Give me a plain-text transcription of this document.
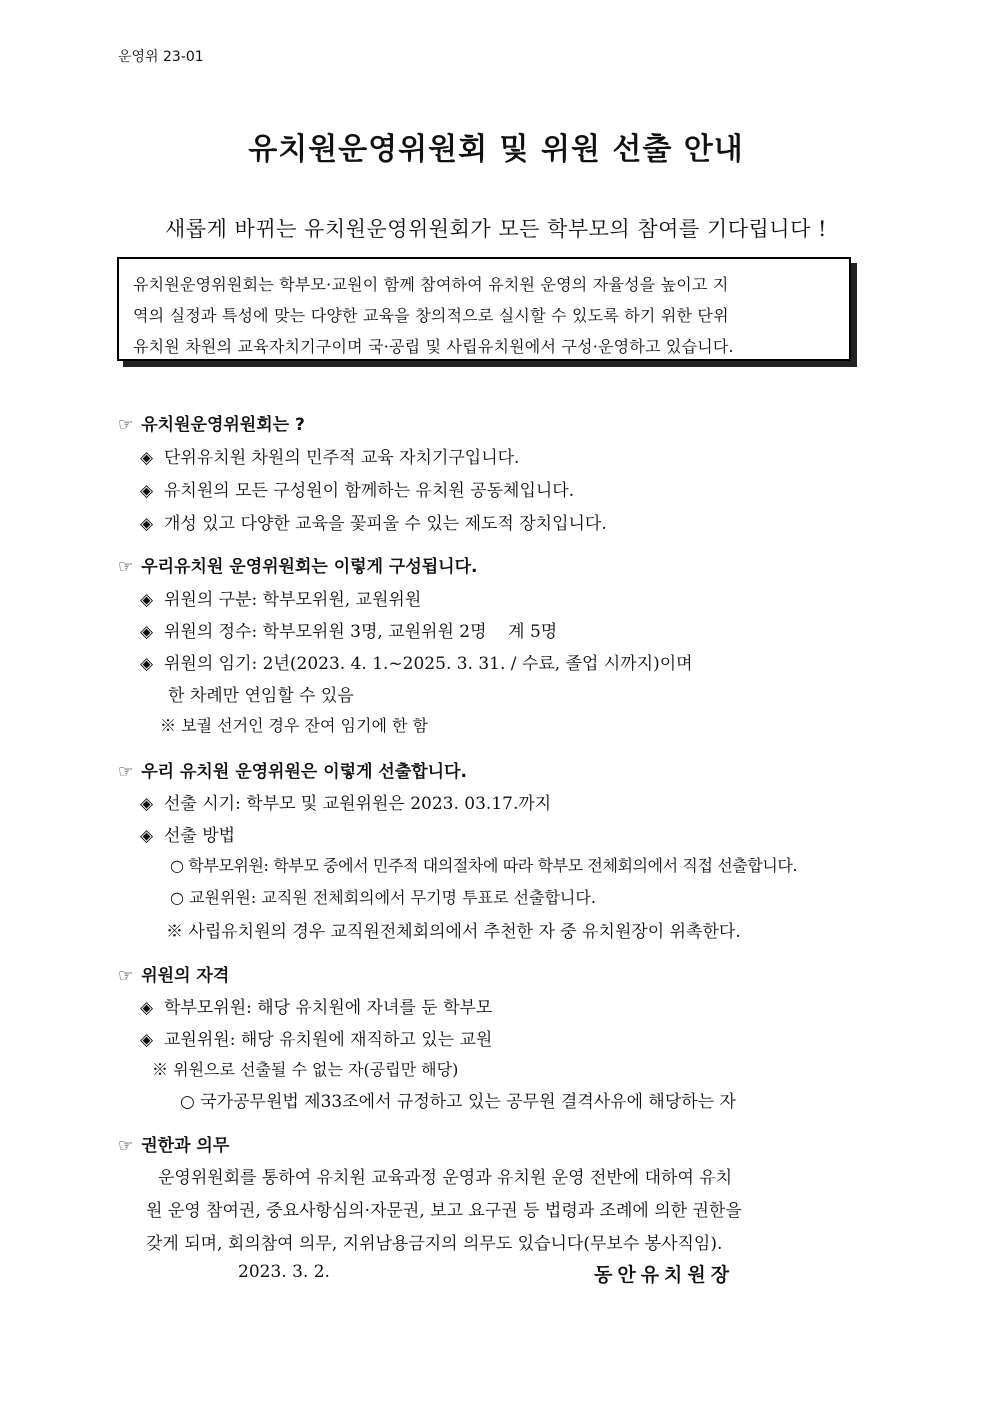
운영위 23-01
유치원운영위원회 및 위원 선출 안내
새롭게 바뀌는 유치원운영위원회가 모든 학부모의 참여를 기다립니다 !
유치원운영위원회는 학부모·교원이 함께 참여하여 유치원 운영의 자율성을 높이고 지
역의 실정과 특성에 맞는 다양한 교육을 창의적으로 실시할 수 있도록 하기 위한 단위
유치원 차원의 교육자치기구이며 국·공립 및 사립유치원에서 구성·운영하고 있습니다.
☞ 유치원운영위원회는 ?
◈ 단위유치원 차원의 민주적 교육 자치기구입니다.
◈ 유치원의 모든 구성원이 함께하는 유치원 공동체입니다.
◈ 개성 있고 다양한 교육을 꽃피울 수 있는 제도적 장치입니다.
☞ 우리유치원 운영위원회는 이렇게 구성됩니다.
◈ 위원의 구분: 학부모위원, 교원위원
◈ 위원의 정수: 학부모위원 3명, 교원위원 2명    계 5명
◈ 위원의 임기: 2년(2023. 4. 1.~2025. 3. 31. / 수료, 졸업 시까지)이며
한 차례만 연임할 수 있음
※ 보궐 선거인 경우 잔여 임기에 한 함
☞ 우리 유치원 운영위원은 이렇게 선출합니다.
◈ 선출 시기: 학부모 및 교원위원은 2023. 03.17.까지
◈ 선출 방법
○ 학부모위원: 학부모 중에서 민주적 대의절차에 따라 학부모 전체회의에서 직접 선출합니다.
○ 교원위원: 교직원 전체회의에서 무기명 투표로 선출합니다.
※ 사립유치원의 경우 교직원전체회의에서 추천한 자 중 유치원장이 위촉한다.
☞ 위원의 자격
◈ 학부모위원: 해당 유치원에 자녀를 둔 학부모
◈ 교원위원: 해당 유치원에 재직하고 있는 교원
※ 위원으로 선출될 수 없는 자(공립만 해당)
○ 국가공무원법 제33조에서 규정하고 있는 공무원 결격사유에 해당하는 자
☞ 권한과 의무
운영위원회를 통하여 유치원 교육과정 운영과 유치원 운영 전반에 대하여 유치
원 운영 참여권, 중요사항심의·자문권, 보고 요구권 등 법령과 조례에 의한 권한을
갖게 되며, 회의참여 의무, 지위남용금지의 의무도 있습니다(무보수 봉사직임).
2023. 3. 2.	동안유치원장
